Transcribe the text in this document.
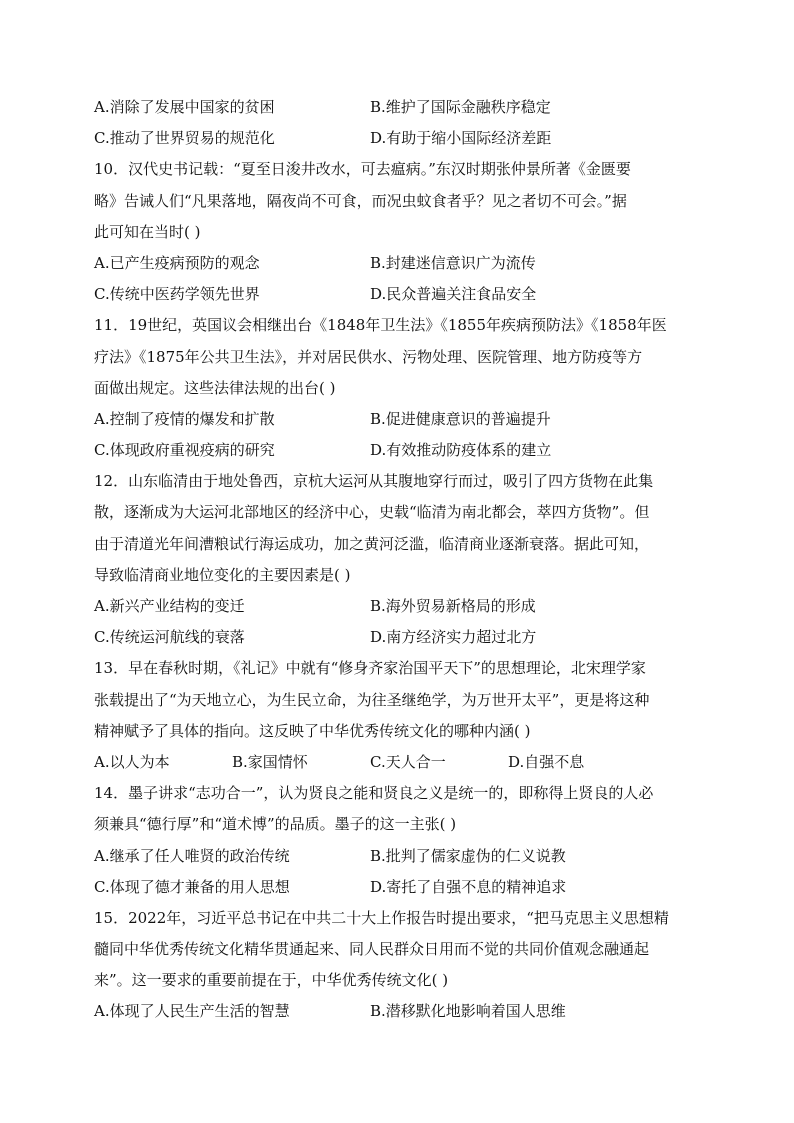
A.消除了发展中国家的贫困	B.维护了国际金融秩序稳定
C.推动了世界贸易的规范化	D.有助于缩小国际经济差距
10．汉代史书记载：“夏至日浚井改水，可去瘟病。”东汉时期张仲景所著《金匮要
略》告诫人们“凡果落地，隔夜尚不可食，而况虫蚊食者乎？见之者切不可会。”据
此可知在当时( )
A.已产生疫病预防的观念	B.封建迷信意识广为流传
C.传统中医药学领先世界	D.民众普遍关注食品安全
11．19世纪，英国议会相继出台《1848年卫生法》《1855年疾病预防法》《1858年医
疗法》《1875年公共卫生法》，并对居民供水、污物处理、医院管理、地方防疫等方
面做出规定。这些法律法规的出台( )
A.控制了疫情的爆发和扩散	B.促进健康意识的普遍提升
C.体现政府重视疫病的研究	D.有效推动防疫体系的建立
12．山东临清由于地处鲁西，京杭大运河从其腹地穿行而过，吸引了四方货物在此集
散，逐渐成为大运河北部地区的经济中心，史载“临清为南北都会，萃四方货物”。但
由于清道光年间漕粮试行海运成功，加之黄河泛滥，临清商业逐渐衰落。据此可知，
导致临清商业地位变化的主要因素是( )
A.新兴产业结构的变迁	B.海外贸易新格局的形成
C.传统运河航线的衰落	D.南方经济实力超过北方
13．早在春秋时期，《礼记》中就有“修身齐家治国平天下”的思想理论，北宋理学家
张载提出了“为天地立心，为生民立命，为往圣继绝学，为万世开太平”，更是将这种
精神赋予了具体的指向。这反映了中华优秀传统文化的哪种内涵( )
A.以人为本	B.家国情怀	C.天人合一	D.自强不息
14．墨子讲求“志功合一”，认为贤良之能和贤良之义是统一的，即称得上贤良的人必
须兼具“德行厚”和“道术博”的品质。墨子的这一主张( )
A.继承了任人唯贤的政治传统	B.批判了儒家虚伪的仁义说教
C.体现了德才兼备的用人思想	D.寄托了自强不息的精神追求
15．2022年，习近平总书记在中共二十大上作报告时提出要求，“把马克思主义思想精
髓同中华优秀传统文化精华贯通起来、同人民群众日用而不觉的共同价值观念融通起
来”。这一要求的重要前提在于，中华优秀传统文化( )
A.体现了人民生产生活的智慧	B.潜移默化地影响着国人思维
